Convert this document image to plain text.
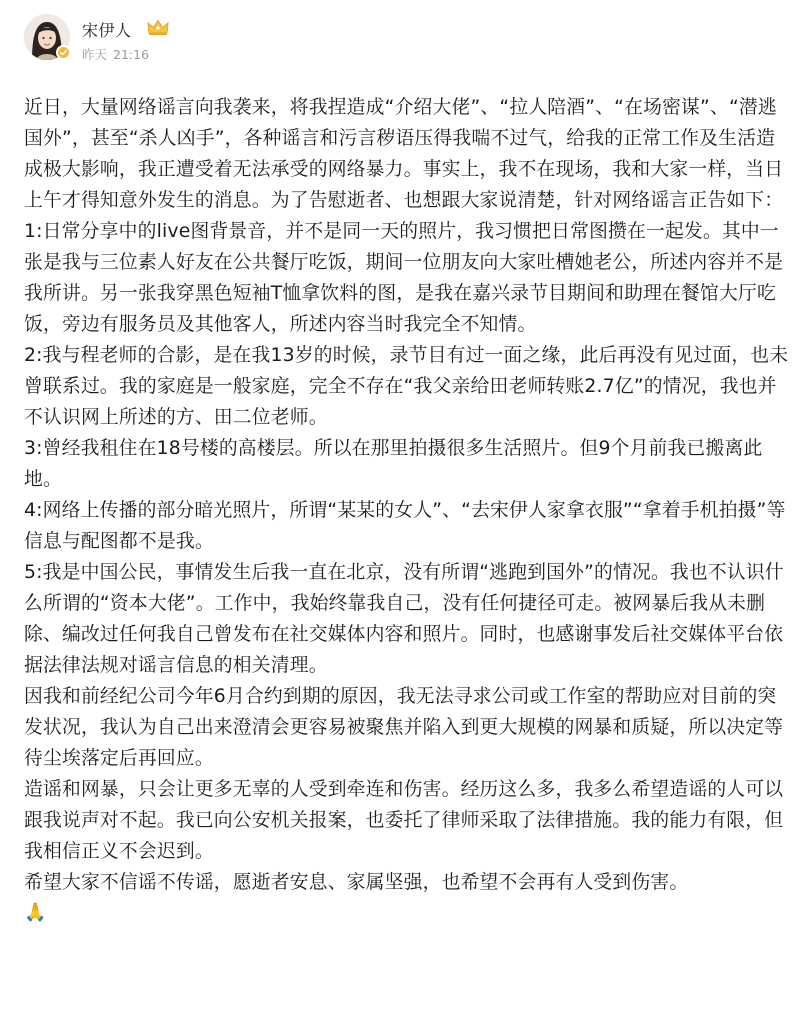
宋伊人
昨天 21:16

近日，大量网络谣言向我袭来，将我捏造成“介绍大佬”、“拉人陪酒”、“在场密谋”、“潜逃国外”，甚至“杀人凶手”，各种谣言和污言秽语压得我喘不过气，给我的正常工作及生活造成极大影响，我正遭受着无法承受的网络暴力。事实上，我不在现场，我和大家一样，当日上午才得知意外发生的消息。为了告慰逝者、也想跟大家说清楚，针对网络谣言正告如下：

1:日常分享中的live图背景音，并不是同一天的照片，我习惯把日常图攒在一起发。其中一张是我与三位素人好友在公共餐厅吃饭，期间一位朋友向大家吐槽她老公，所述内容并不是我所讲。另一张我穿黑色短袖T恤拿饮料的图，是我在嘉兴录节目期间和助理在餐馆大厅吃饭，旁边有服务员及其他客人，所述内容当时我完全不知情。

2:我与程老师的合影，是在我13岁的时候，录节目有过一面之缘，此后再没有见过面，也未曾联系过。我的家庭是一般家庭，完全不存在“我父亲给田老师转账2.7亿”的情况，我也并不认识网上所述的方、田二位老师。

3:曾经我租住在18号楼的高楼层。所以在那里拍摄很多生活照片。但9个月前我已搬离此地。

4:网络上传播的部分暗光照片，所谓“某某的女人”、“去宋伊人家拿衣服”“拿着手机拍摄”等信息与配图都不是我。

5:我是中国公民，事情发生后我一直在北京，没有所谓“逃跑到国外”的情况。我也不认识什么所谓的“资本大佬”。工作中，我始终靠我自己，没有任何捷径可走。被网暴后我从未删除、编改过任何我自己曾发布在社交媒体内容和照片。同时，也感谢事发后社交媒体平台依据法律法规对谣言信息的相关清理。

因我和前经纪公司今年6月合约到期的原因，我无法寻求公司或工作室的帮助应对目前的突发状况，我认为自己出来澄清会更容易被聚焦并陷入到更大规模的网暴和质疑，所以决定等待尘埃落定后再回应。

造谣和网暴，只会让更多无辜的人受到牵连和伤害。经历这么多，我多么希望造谣的人可以跟我说声对不起。我已向公安机关报案，也委托了律师采取了法律措施。我的能力有限，但我相信正义不会迟到。

希望大家不信谣不传谣，愿逝者安息、家属坚强，也希望不会再有人受到伤害。

🙏
